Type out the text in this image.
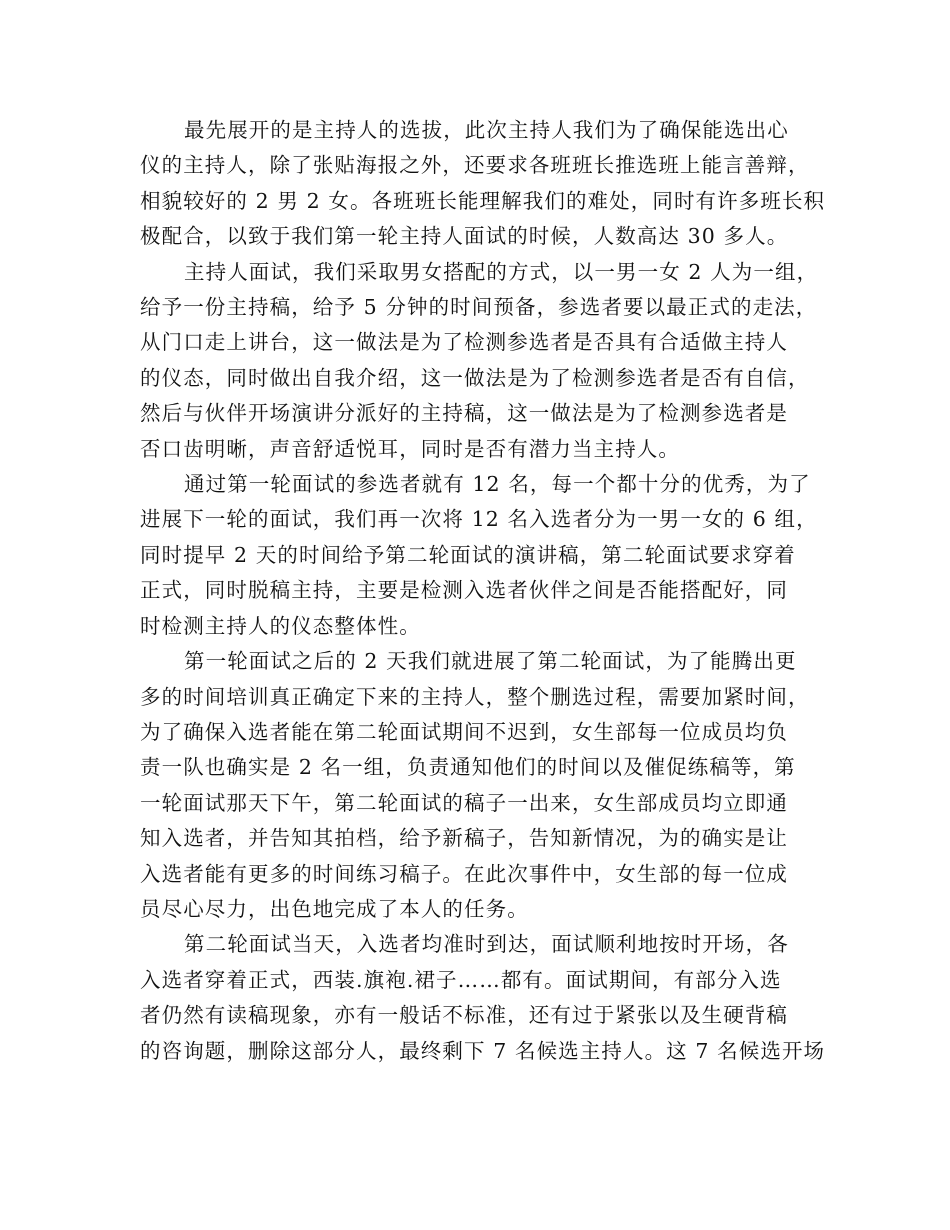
最先展开的是主持人的选拔，此次主持人我们为了确保能选出心
仪的主持人，除了张贴海报之外，还要求各班班长推选班上能言善辩，
相貌较好的 2 男 2 女。各班班长能理解我们的难处，同时有许多班长积
极配合，以致于我们第一轮主持人面试的时候，人数高达 30 多人。

主持人面试，我们采取男女搭配的方式，以一男一女 2 人为一组，
给予一份主持稿，给予 5 分钟的时间预备，参选者要以最正式的走法，
从门口走上讲台，这一做法是为了检测参选者是否具有合适做主持人
的仪态，同时做出自我介绍，这一做法是为了检测参选者是否有自信，
然后与伙伴开场演讲分派好的主持稿，这一做法是为了检测参选者是
否口齿明晰，声音舒适悦耳，同时是否有潜力当主持人。

通过第一轮面试的参选者就有 12 名，每一个都十分的优秀，为了
进展下一轮的面试，我们再一次将 12 名入选者分为一男一女的 6 组，
同时提早 2 天的时间给予第二轮面试的演讲稿，第二轮面试要求穿着
正式，同时脱稿主持，主要是检测入选者伙伴之间是否能搭配好，同
时检测主持人的仪态整体性。

第一轮面试之后的 2 天我们就进展了第二轮面试，为了能腾出更
多的时间培训真正确定下来的主持人，整个删选过程，需要加紧时间，
为了确保入选者能在第二轮面试期间不迟到，女生部每一位成员均负
责一队也确实是 2 名一组，负责通知他们的时间以及催促练稿等，第
一轮面试那天下午，第二轮面试的稿子一出来，女生部成员均立即通
知入选者，并告知其拍档，给予新稿子，告知新情况，为的确实是让
入选者能有更多的时间练习稿子。在此次事件中，女生部的每一位成
员尽心尽力，出色地完成了本人的任务。

第二轮面试当天，入选者均准时到达，面试顺利地按时开场，各
入选者穿着正式，西装.旗袍.裙子……都有。面试期间，有部分入选
者仍然有读稿现象，亦有一般话不标准，还有过于紧张以及生硬背稿
的咨询题，删除这部分人，最终剩下 7 名候选主持人。这 7 名候选开场
